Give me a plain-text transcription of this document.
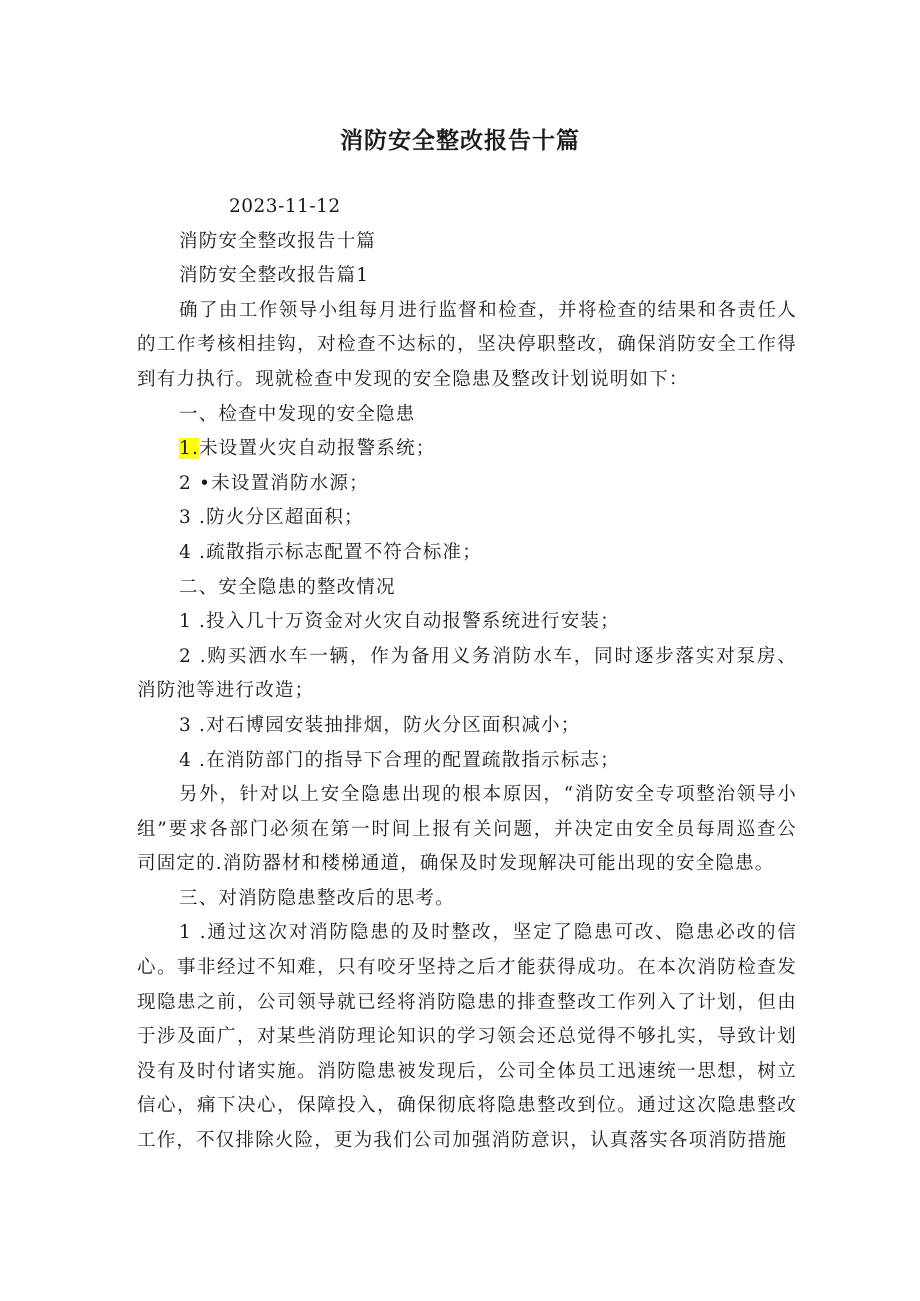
消防安全整改报告十篇

2023-11-12

消防安全整改报告十篇

消防安全整改报告篇1

确了由工作领导小组每月进行监督和检查，并将检查的结果和各责任人的工作考核相挂钩，对检查不达标的，坚决停职整改，确保消防安全工作得到有力执行。现就检查中发现的安全隐患及整改计划说明如下：

一、检查中发现的安全隐患

1.未设置火灾自动报警系统；

2 •未设置消防水源；

3 .防火分区超面积；

4 .疏散指示标志配置不符合标准；

二、安全隐患的整改情况

1 .投入几十万资金对火灾自动报警系统进行安装；

2 .购买洒水车一辆，作为备用义务消防水车，同时逐步落实对泵房、消防池等进行改造；

3 .对石博园安装抽排烟，防火分区面积减小；

4 .在消防部门的指导下合理的配置疏散指示标志；

另外，针对以上安全隐患出现的根本原因，“消防安全专项整治领导小组”要求各部门必须在第一时间上报有关问题，并决定由安全员每周巡查公司固定的.消防器材和楼梯通道，确保及时发现解决可能出现的安全隐患。

三、对消防隐患整改后的思考。

1 .通过这次对消防隐患的及时整改，坚定了隐患可改、隐患必改的信心。事非经过不知难，只有咬牙坚持之后才能获得成功。在本次消防检查发现隐患之前，公司领导就已经将消防隐患的排查整改工作列入了计划，但由于涉及面广，对某些消防理论知识的学习领会还总觉得不够扎实，导致计划没有及时付诸实施。消防隐患被发现后，公司全体员工迅速统一思想，树立信心，痛下决心，保障投入，确保彻底将隐患整改到位。通过这次隐患整改工作，不仅排除火险，更为我们公司加强消防意识，认真落实各项消防措施
